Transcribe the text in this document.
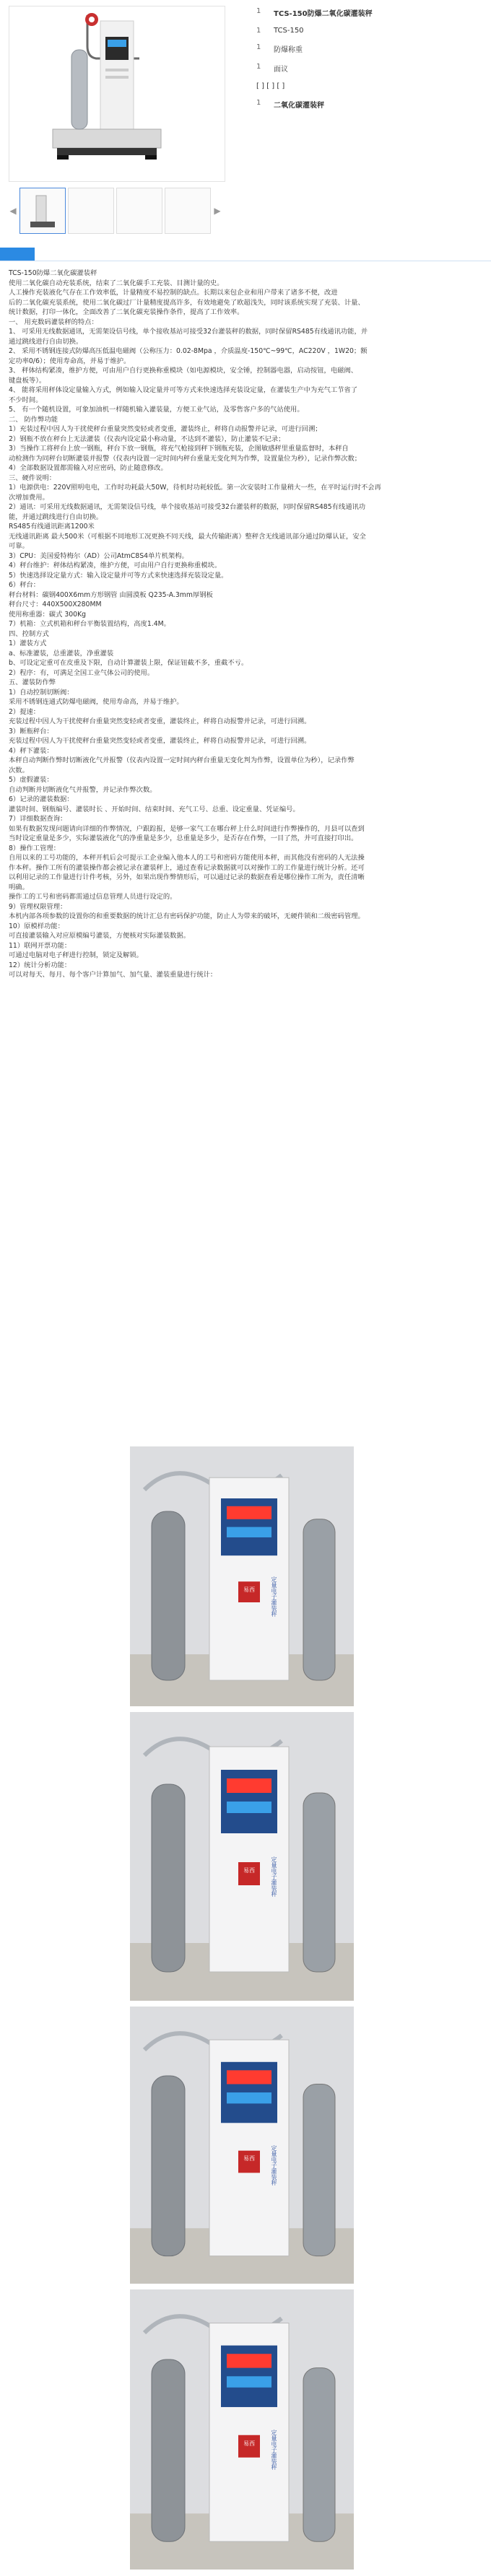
◀	▶
1	TCS-150防爆二氧化碳灌装秤
1	TCS-150
1	防爆称重
1	面议
[ ] [ ] [ ]
1	二氧化碳灌装秤

TCS-150防爆二氧化碳灌装秤

使用二氧化碳自动充装系统，结束了二氧化碳手工充装、目测计量的史。

人工操作充装液化气存在工作效率低，计量精度不易控制的缺点。长期以来包企业和用户带来了诸多不便，改进

后的二氧化碳充装系统，使用二氧化碳过厂计量精度提高许多，有效地避免了欧超浅失，同时该系统实现了充装、计量、

统计数据，打印一体化，全面改善了二氧化碳充装操作条件，提高了工作效率。

一、 用充数码灌装秤的特点：

1、 可采用无线数据通讯，无需架设信号线，单个接收基站可接受32台灌装秤的数据，同时保留RS485有线通讯功能，并

通过跳线进行自由切换。

2、 采用不锈钢连接式防爆高压低温电磁阀（公称压力：0.02-8Mpa ，介质温度-150℃~99℃，AC220V ，1W20；额

定功率0/6）；使用寿命高，并易于维护。

3、 秤体结构紧凑，维护方便，可由用户自行更换称重模块（如电源模块，安全锤，控制器电器，启动按钮，电磁阀、

键盘板等）。

4、 能将采用秤体设定量输入方式，例如输入设定量并可等方式来快速选择充装设定量，在灌装生产中为充气工节省了

不少时间。

5、 有一个随机设置，可象加油机一样随机输入灌装量，方便工业气站，及零售客户多的气站使用。

二、 防作弊功能

1）充装过程中因人为干扰使秤台重量突然变轻或者变重，灌装终止，秤将自动报警并记录，可进行回溯；

2）钢瓶不放在秤台上无法灌装（仪表内设定最小称动量，不达到不灌装），防止灌装不记录；

3）当操作工将秤台上放一钢瓶，秤台下放一钢瓶，将充气枪接到秤下钢瓶充装，企图敏感秤里重量监督时，本秤自

动检测作为同秤台切断灌装并报警（仪表内设置一定时间内秤台重量无变化判为作弊，设置量位为秒），记录作弊次数；

4）全部数据设置都需输入对应密码，防止随意修改。

三、硬件说明：

1）电源供电：220V照明电电，工作时功耗最大50W，待机时功耗较低。第一次安装时工作量稍大一些，在平时运行时不会再

次增加费用。

2）通讯：可采用无线数据通讯，无需架设信号线，单个接收基站可接受32台灌装秤的数据，同时保留RS485有线通讯功

能，并通过跳线进行自由切换。

RS485有线通讯距离1200米

无线通讯距离 最大500米（可根据不同地形工况更换不同天线，最大传输距离）整秤含无线通讯部分通过防爆认证，安全

可靠。

3）CPU：美国爱特梅尔（AD）公司AtmC8S4单片机架构。

4）秤台维护：秤体结构紧凑，维护方便，可由用户自行更换称重模块。

5）快速选择设定量方式：输入设定量并可等方式来快速选择充装设定量。

6）秤台：

秤台材料：碳钢400X6mm方形钢管 由圆漠板 Q235-A.3mm厚钢板

秤台尺寸：440X500X280MM

使用称重器：碳式 300Kg

7）机箱：立式机箱和秤台平衡装置结构，高度1.4M。

四、控制方式

1）灌装方式

a、标准灌装，总重灌装，净重灌装

b、可设定定重可在皮重及下限，自动计算灌装上限，保证钮截不多，重截不亏。

2）程序：有，可满足全国工业气体公司的使用。

五、灌装防作弊

1）自动控制切断阀：

采用不锈钢连通式防爆电磁阀，使用寿命高，并易于维护。

2）提速：

充装过程中因人为干扰使秤台重量突然变轻或者变重，灌装终止，秤将自动报警并记录，可进行回溯。

3）断瓶秤台：

充装过程中因人为干扰使秤台重量突然变轻或者变重，灌装终止，秤将自动报警并记录，可进行回溯。

4）秤下灌装：

本秤自动判断作弊时切断液化气并报警（仪表内设置一定时间内秤台重量无变化判为作弊，设置单位为秒），记录作弊

次数。

5）虚假灌装：

自动判断并切断液化气并报警，并记录作弊次数。

6）记录的灌装数据：

灌装时间、钢瓶编号、灌装时长 、开始时间、结束时间、充气工号、总重、设定重量、凭证编号。

7）详细数据查询：

如果有数据发现问题请向详细的作弊情况，户跟踪报，是够一家气工在哪台秤上什么时间进行作弊操作的，月县可以查到

当时设定重量是多少，实际灌装液化气的净重量是多少，总重量是多少，是否存在作弊，一目了然，并可直接打印出。

8）操作工管理：

自用以来的工号功能的，本秤开机后会可提示工企业编入他本人的工号和密码方能使用本秤，而其他没有密码的人无法操

作本秤。操作工所有的灌装操作都会被记录在灌装秤上，通过查看记录数据就可以对操作工的工作量进行统计分析。还可

以利用记录的工作量进行计件考核，另外，如果出现作弊情形后，可以通过记录的数据查看是哪位操作工所为，责任清晰

明确。

操作工的工号和密码都需通过信息管理人员进行设定的。

9）管理权限管理：

本机内部各项参数的设置你的和重要数据的统计汇总有密码保护功能，防止人为带来的破坏，无硬件锁和二级密码管理。

10）原模样功能：

可直接灌装输入对应原模编号灌装，方便核对实际灌装数据。

11）联网开票功能：

可通过电脑对电子秤进行控制，锁定及解锁。

12）统计分析功能：

可以对每天、每月、每个客户计算加气、加气量、灌装重量进行统计：

易西	定量电子灌装秤
易西	定量电子灌装秤
易西	定量电子灌装秤
易西	定量电子灌装秤
